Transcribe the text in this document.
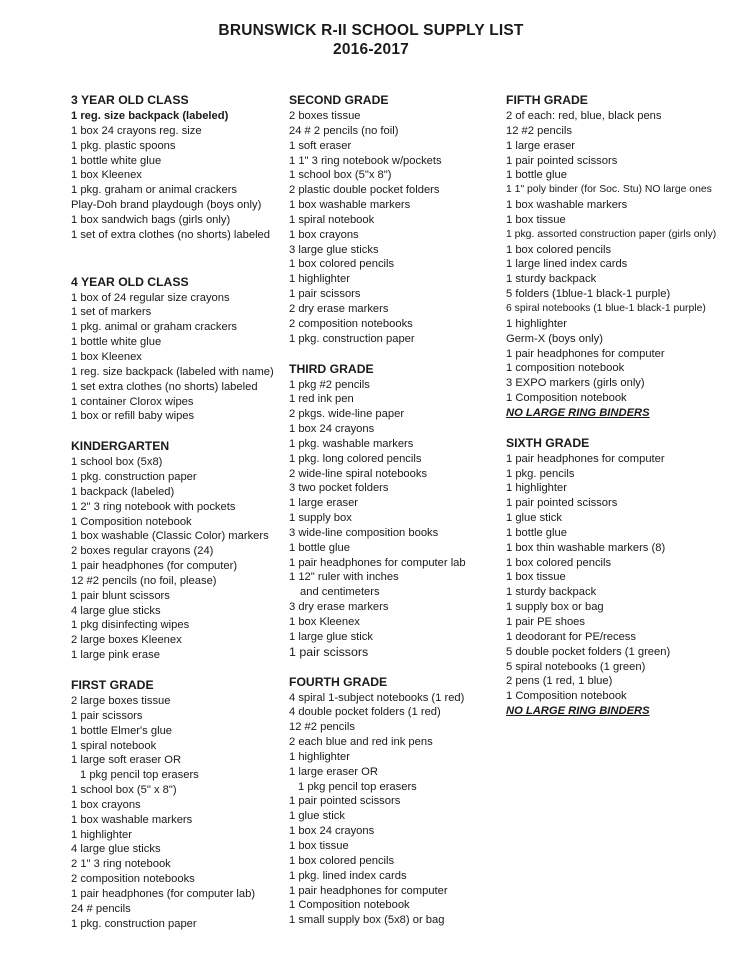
BRUNSWICK R-II SCHOOL SUPPLY LIST
2016-2017
3 YEAR OLD CLASS
1 reg. size backpack (labeled)
1 box 24 crayons reg. size
1 pkg. plastic spoons
1 bottle white glue
1 box Kleenex
1 pkg. graham or animal crackers
Play-Doh brand playdough (boys only)
1 box sandwich bags (girls only)
1 set of extra clothes (no shorts) labeled
4 YEAR OLD CLASS
1 box of 24 regular size crayons
1 set of markers
1 pkg. animal or graham crackers
1 bottle white glue
1 box Kleenex
1 reg. size backpack (labeled with name)
1 set extra clothes (no shorts) labeled
1 container Clorox wipes
1 box or refill baby wipes
KINDERGARTEN
1 school box (5x8)
1 pkg. construction paper
1 backpack (labeled)
1 2" 3 ring notebook with pockets
1 Composition notebook
1 box washable (Classic Color) markers
2 boxes regular crayons (24)
1 pair headphones (for computer)
12 #2 pencils (no foil, please)
1 pair blunt scissors
4 large glue sticks
1 pkg disinfecting wipes
2 large boxes Kleenex
1 large pink erase
FIRST GRADE
2 large boxes tissue
1 pair scissors
1 bottle Elmer's glue
1 spiral notebook
1 large soft eraser OR
1 pkg pencil top erasers
1 school box (5" x 8")
1 box crayons
1 box washable markers
1 highlighter
4 large glue sticks
2 1" 3 ring notebook
2 composition notebooks
1 pair headphones (for computer lab)
24 # pencils
1 pkg. construction paper
SECOND GRADE
2 boxes tissue
24 # 2 pencils (no foil)
1 soft eraser
1 1" 3 ring notebook w/pockets
1 school box (5"x 8")
2 plastic double pocket folders
1 box washable markers
1 spiral notebook
1 box crayons
3 large glue sticks
1 box colored pencils
1 highlighter
1 pair scissors
2 dry erase markers
2 composition notebooks
1 pkg. construction paper
THIRD GRADE
1 pkg #2 pencils
1 red ink pen
2 pkgs. wide-line paper
1 box 24 crayons
1 pkg. washable markers
1 pkg. long colored pencils
2 wide-line spiral notebooks
3 two pocket folders
1 large eraser
1 supply box
3 wide-line composition books
1 bottle glue
1 pair headphones for computer lab
1 12" ruler with inches
and centimeters
3 dry erase markers
1 box Kleenex
1 large glue stick
1 pair scissors
FOURTH GRADE
4 spiral 1-subject notebooks (1 red)
4 double pocket folders (1 red)
12 #2 pencils
2 each blue and red ink pens
1 highlighter
1 large eraser OR
1 pkg pencil top erasers
1 pair pointed scissors
1 glue stick
1 box 24 crayons
1 box tissue
1 box colored pencils
1 pkg. lined index cards
1 pair headphones for computer
1 Composition notebook
1 small supply box (5x8) or bag
FIFTH GRADE
2 of each: red, blue, black pens
12 #2 pencils
1 large eraser
1 pair pointed scissors
1 bottle glue
1 1" poly binder (for Soc. Stu) NO large ones
1 box washable markers
1 box tissue
1 pkg. assorted construction paper (girls only)
1 box colored pencils
1 large lined index cards
1 sturdy backpack
5 folders (1blue-1 black-1 purple)
6 spiral notebooks (1 blue-1 black-1 purple)
1 highlighter
Germ-X (boys only)
1 pair headphones for computer
1 composition notebook
3 EXPO markers (girls only)
1 Composition notebook
NO LARGE RING BINDERS
SIXTH GRADE
1 pair headphones for computer
1 pkg. pencils
1 highlighter
1 pair pointed scissors
1 glue stick
1 bottle glue
1 box thin washable markers (8)
1 box colored pencils
1 box tissue
1 sturdy backpack
1 supply box or bag
1 pair PE shoes
1 deodorant for PE/recess
5 double pocket folders (1 green)
5 spiral notebooks (1 green)
2 pens (1 red, 1 blue)
1 Composition notebook
NO LARGE RING BINDERS
